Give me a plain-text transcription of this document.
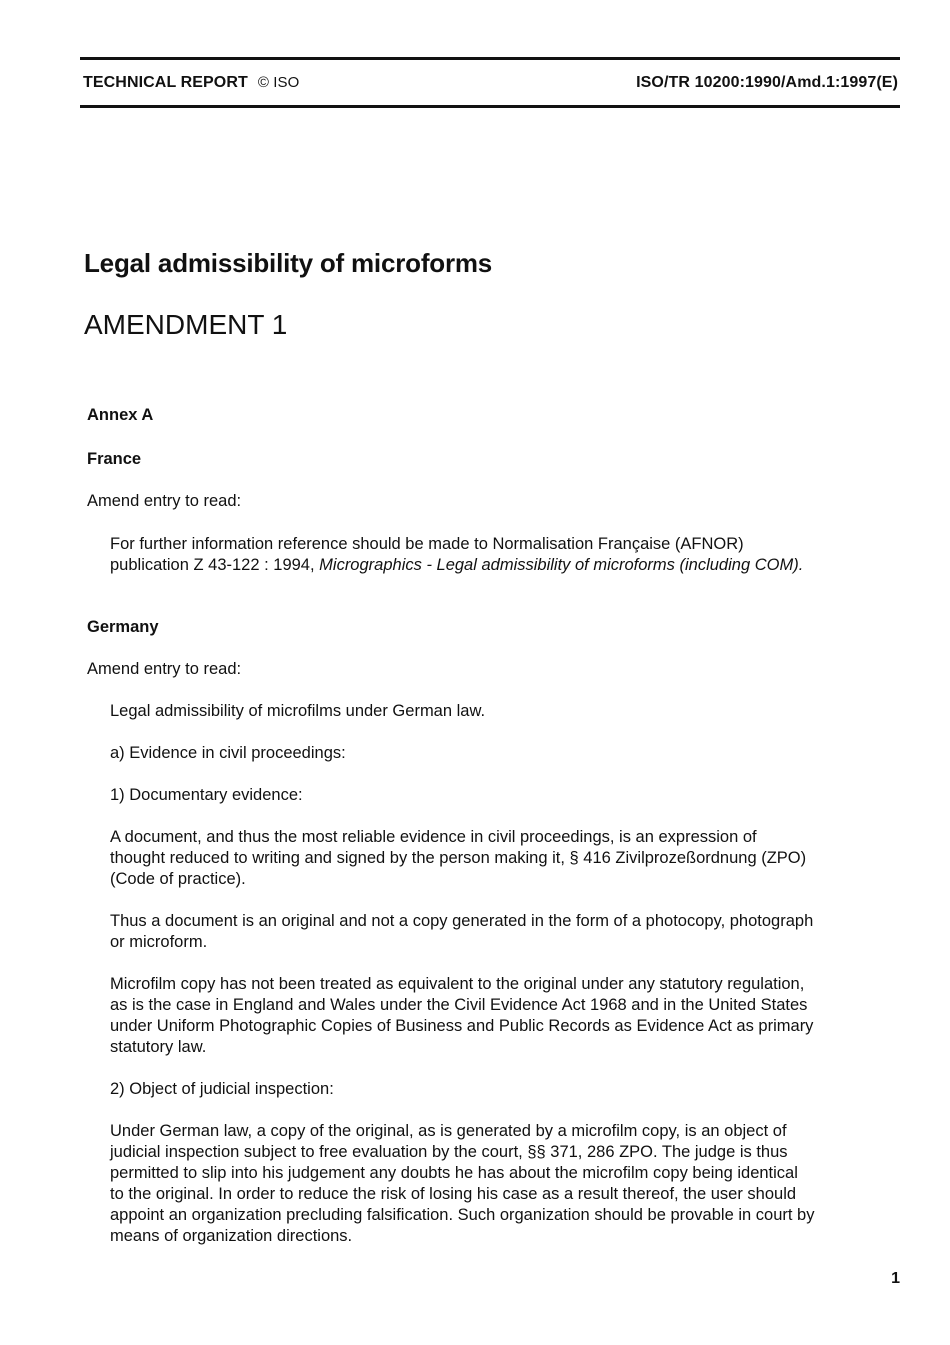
TECHNICAL REPORT © ISO	ISO/TR 10200:1990/Amd.1:1997(E)
Legal admissibility of microforms
AMENDMENT 1

Annex A

France

Amend entry to read:

For further information reference should be made to Normalisation Française (AFNOR) publication Z 43-122 : 1994, Micrographics - Legal admissibility of microforms (including COM).

Germany

Amend entry to read:

Legal admissibility of microfilms under German law.

a) Evidence in civil proceedings:

1) Documentary evidence:

A document, and thus the most reliable evidence in civil proceedings, is an expression of thought reduced to writing and signed by the person making it, § 416 Zivilprozeßordnung (ZPO)(Code of practice).

Thus a document is an original and not a copy generated in the form of a photocopy, photograph or microform.

Microfilm copy has not been treated as equivalent to the original under any statutory regulation, as is the case in England and Wales under the Civil Evidence Act 1968 and in the United States under Uniform Photographic Copies of Business and Public Records as Evidence Act as primary statutory law.

2) Object of judicial inspection:

Under German law, a copy of the original, as is generated by a microfilm copy, is an object of judicial inspection subject to free evaluation by the court, §§ 371, 286 ZPO. The judge is thus permitted to slip into his judgement any doubts he has about the microfilm copy being identical to the original. In order to reduce the risk of losing his case as a result thereof, the user should appoint an organization precluding falsification. Such organization should be provable in court by means of organization directions.

1
